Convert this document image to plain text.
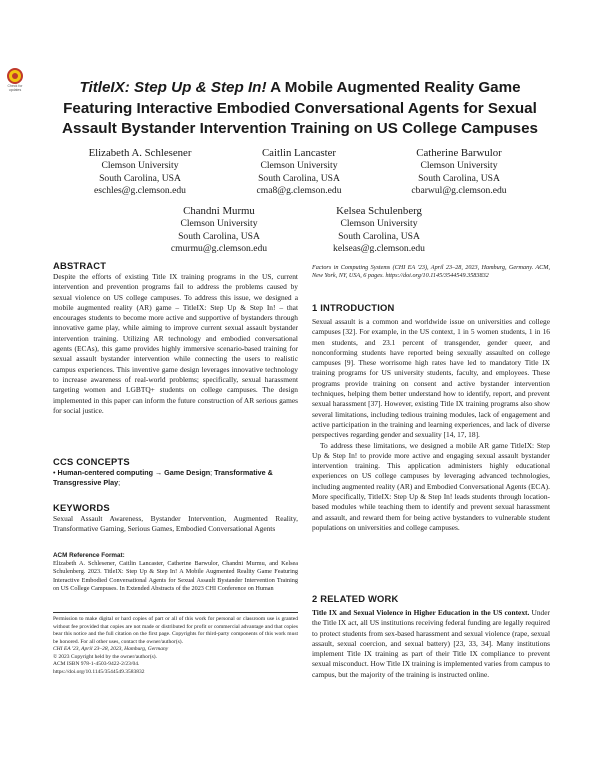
Check for updates	TitleIX: Step Up & Step In! A Mobile Augmented Reality Game Featuring Interactive Embodied Conversational Agents for Sexual Assault Bystander Intervention Training on US College Campuses
Elizabeth A. Schlesener
Clemson University
South Carolina, USA
eschles@g.clemson.edu
Caitlin Lancaster
Clemson University
South Carolina, USA
cma8@g.clemson.edu
Catherine Barwulor
Clemson University
South Carolina, USA
cbarwul@g.clemson.edu
Chandni Murmu
Clemson University
South Carolina, USA
cmurmu@g.clemson.edu
Kelsea Schulenberg
Clemson University
South Carolina, USA
kelseas@g.clemson.edu
ABSTRACT

Despite the efforts of existing Title IX training programs in the US, current intervention and prevention programs fail to address the problems caused by sexual violence on US college campuses. To address this issue, we designed a mobile augmented reality (AR) game – TitleIX: Step Up & Step In! – that encourages students to become more active and supportive of bystanders through innovative game play, while aiming to improve current sexual assault bystander intervention training. Utilizing AR technology and embodied conversational agents (ECAs), this game provides highly immersive scenario-based training for sexual assault bystander intervention while connecting the users to realistic campus experiences. This inventive game design leverages innovative technology to increase awareness of real-world problems; specifically, sexual harassment targeting women and LGBTQ+ students on college campuses. The design implemented in this paper can inform the future construction of AR serious games for social justice.

CCS CONCEPTS

• Human-centered computing → Game Design; Transformative & Transgressive Play;

KEYWORDS

Sexual Assault Awareness, Bystander Intervention, Augmented Reality, Transformative Gaming, Serious Games, Embodied Conversational Agents

ACM Reference Format:

Elizabeth A. Schlesener, Caitlin Lancaster, Catherine Barwulor, Chandni Murmu, and Kelsea Schulenberg. 2023. TitleIX: Step Up & Step In! A Mobile Augmented Reality Game Featuring Interactive Embodied Conversational Agents for Sexual Assault Bystander Intervention Training on US College Campuses. In Extended Abstracts of the 2023 CHI Conference on Human

Permission to make digital or hard copies of part or all of this work for personal or classroom use is granted without fee provided that copies are not made or distributed for profit or commercial advantage and that copies bear this notice and the full citation on the first page. Copyrights for third-party components of this work must be honored. For all other uses, contact the owner/author(s).

CHI EA '23, April 23–28, 2023, Hamburg, Germany

© 2023 Copyright held by the owner/author(s).

ACM ISBN 978-1-4503-9422-2/23/04.

https://doi.org/10.1145/3544549.3583832

Factors in Computing Systems (CHI EA '23), April 23–28, 2023, Hamburg, Germany. ACM, New York, NY, USA, 6 pages. https://doi.org/10.1145/3544549.3583832

1 INTRODUCTION

Sexual assault is a common and worldwide issue on universities and college campuses [32]. For example, in the US context, 1 in 5 women students, 1 in 16 men students, and 23.1 percent of transgender, gender queer, and nonconforming students have reported being sexually assaulted on college campuses [9]. These worrisome high rates have led to mandatory Title IX training programs for US university students, faculty, and employees. These programs provide training on consent and active bystander intervention techniques, helping them better understand how to identify, report, and prevent sexual harassment [37]. However, existing Title IX training programs also show several limitations, including tedious training modules, lack of engagement and active participation in the training and learning experiences, and lack of diverse perspectives regarding gender and sexuality [14, 17, 18].

To address these limitations, we designed a mobile AR game TitleIX: Step Up & Step In! to provide more active and engaging sexual assault bystander intervention training. This application administers highly educational experiences on US college campuses by leveraging advanced technologies, including augmented reality (AR) and Embodied Conversational Agents (ECA). More specifically, TitleIX: Step Up & Step In! leads students through location-based modules while teaching them to identify and prevent sexual harassment and assault, and reward them for being active bystanders to vulnerable student populations on universities and college campuses.

2 RELATED WORK

Title IX and Sexual Violence in Higher Education in the US context. Under the Title IX act, all US institutions receiving federal funding are legally required to protect students from sex-based harassment and sexual violence (rape, sexual assault, sexual coercion, and sexual battery) [23, 33, 34]. Many institutions implement Title IX training as part of their Title IX compliance to prevent sexual misconduct. How Title IX training is implemented varies from campus to campus, but the majority of the training is instructed online.
